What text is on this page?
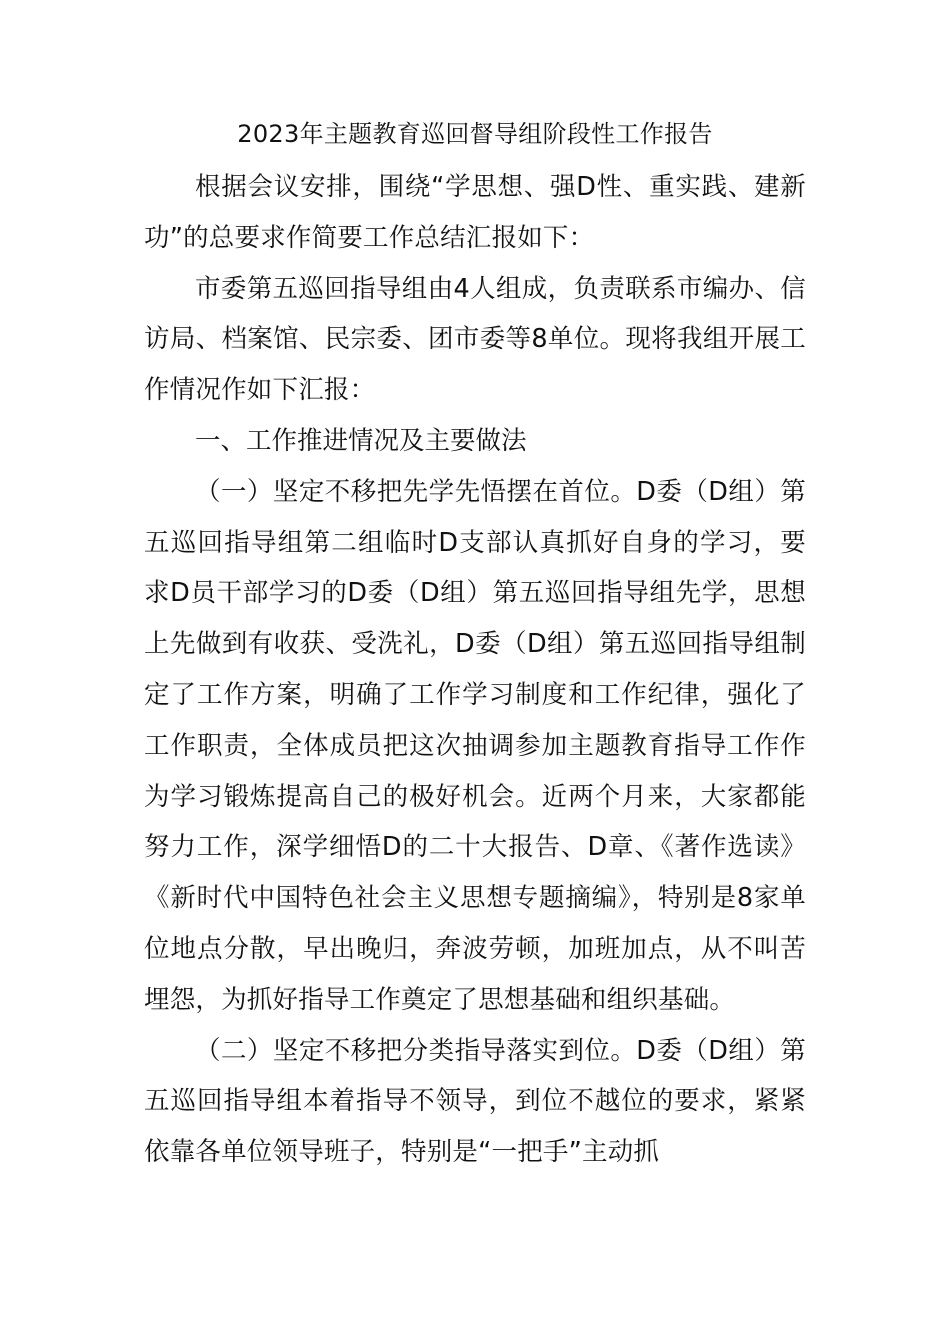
2023年主题教育巡回督导组阶段性工作报告

根据会议安排，围绕“学思想、强D性、重实践、建新功”的总要求作简要工作总结汇报如下：

市委第五巡回指导组由4人组成，负责联系市编办、信访局、档案馆、民宗委、团市委等8单位。现将我组开展工作情况作如下汇报：

一、工作推进情况及主要做法

（一）坚定不移把先学先悟摆在首位。D委（D组）第五巡回指导组第二组临时D支部认真抓好自身的学习，要求D员干部学习的D委（D组）第五巡回指导组先学，思想上先做到有收获、受洗礼，D委（D组）第五巡回指导组制定了工作方案，明确了工作学习制度和工作纪律，强化了工作职责，全体成员把这次抽调参加主题教育指导工作作为学习锻炼提高自己的极好机会。近两个月来，大家都能努力工作，深学细悟D的二十大报告、D章、《著作选读》《新时代中国特色社会主义思想专题摘编》，特别是8家单位地点分散，早出晚归，奔波劳顿，加班加点，从不叫苦埋怨，为抓好指导工作奠定了思想基础和组织基础。

（二）坚定不移把分类指导落实到位。D委（D组）第五巡回指导组本着指导不领导，到位不越位的要求，紧紧依靠各单位领导班子，特别是“一把手”主动抓
